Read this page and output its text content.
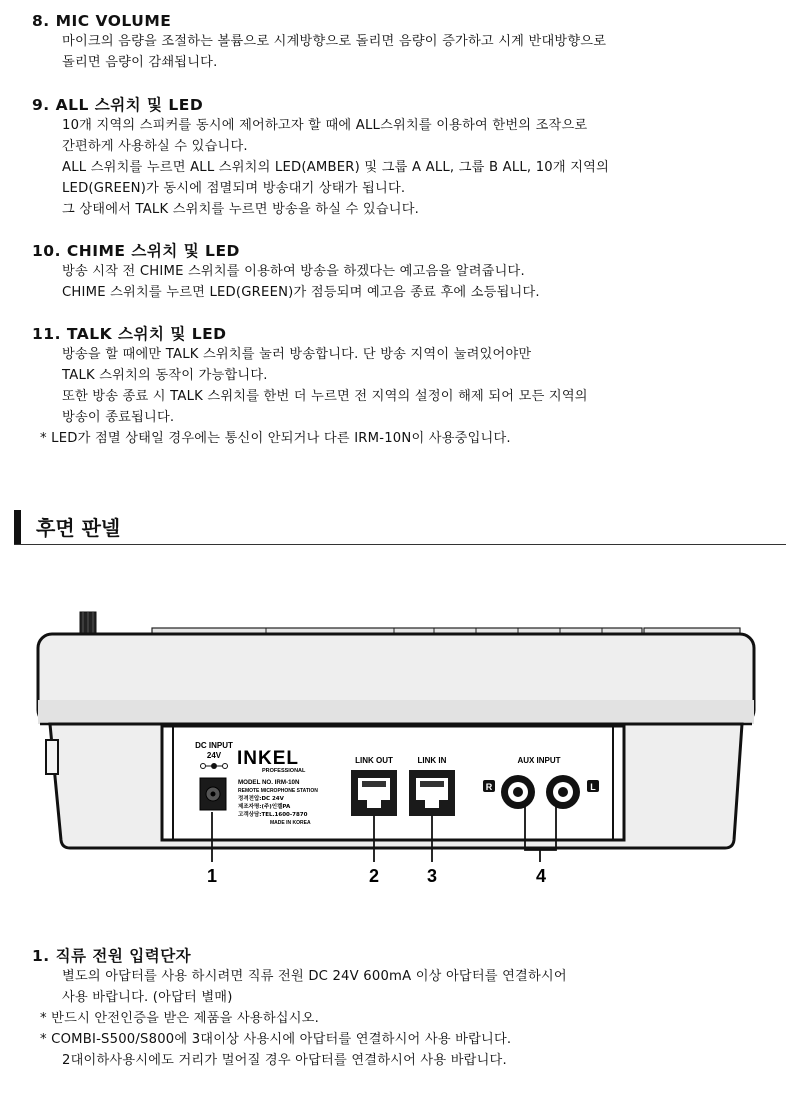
8. MIC VOLUME
마이크의 음량을 조절하는 볼륨으로 시계방향으로 돌리면 음량이 증가하고 시계 반대방향으로
돌리면 음량이 감쇄됩니다.
9. ALL 스위치 및 LED
10개 지역의 스피커를 동시에 제어하고자 할 때에 ALL스위치를 이용하여 한번의 조작으로
간편하게 사용하실 수 있습니다.
ALL 스위치를 누르면 ALL 스위치의 LED(AMBER) 및 그룹 A ALL, 그룹 B ALL, 10개 지역의
LED(GREEN)가 동시에 점멸되며 방송대기 상태가 됩니다.
그 상태에서 TALK 스위치를 누르면 방송을 하실 수 있습니다.
10. CHIME 스위치 및 LED
방송 시작 전 CHIME 스위치를 이용하여 방송을 하겠다는 예고음을 알려줍니다.
CHIME 스위치를 누르면 LED(GREEN)가 점등되며 예고음 종료 후에 소등됩니다.
11. TALK 스위치 및 LED
방송을 할 때에만 TALK 스위치를 눌러 방송합니다. 단 방송 지역이 눌려있어야만
TALK 스위치의 동작이 가능합니다.
또한 방송 종료 시 TALK 스위치를 한번 더 누르면 전 지역의 설정이 해제 되어 모든 지역의
방송이 종료됩니다.
* LED가 점멸 상태일 경우에는 통신이 안되거나 다른 IRM-10N이 사용중입니다.
후면 판넬
DC INPUT
24V INKEL
PROFESSIONAL
MODEL NO. IRM-10N
REMOTE MICROPHONE STATION
정격전압:DC 24V
제조자명:(주)인켈PA
고객상담:TEL.1600-7870
MADE IN KOREA
LINK OUT	LINK IN	AUX INPUT
R	L
1	2	3	4
1. 직류 전원 입력단자
별도의 아답터를 사용 하시려면 직류 전원 DC 24V 600mA 이상 아답터를 연결하시어
사용 바랍니다. (아답터 별매)
* 반드시 안전인증을 받은 제품을 사용하십시오.
* COMBI-S500/S800에 3대이상 사용시에 아답터를 연결하시어 사용 바랍니다.
2대이하사용시에도 거리가 멀어질 경우 아답터를 연결하시어 사용 바랍니다.
